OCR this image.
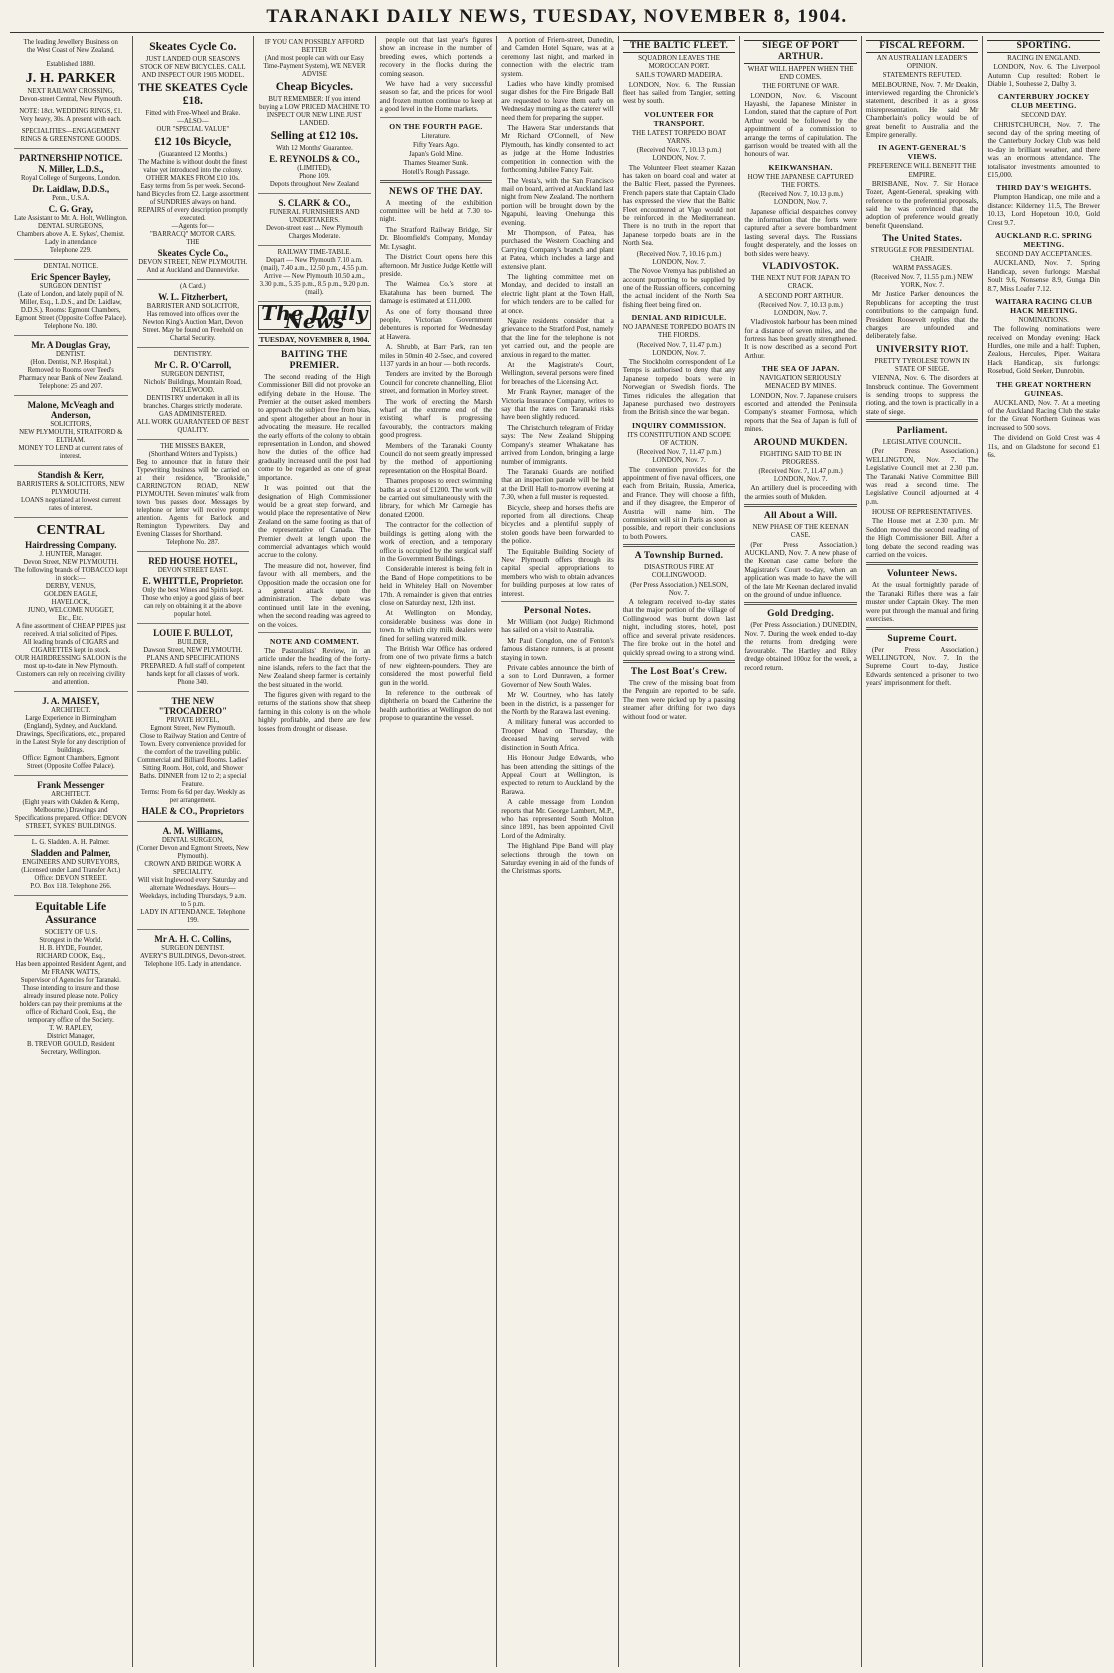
TARANAKI DAILY NEWS, TUESDAY, NOVEMBER 8, 1904.
The leading Jewellery Business on
the West Coast of New Zealand.
Established 1880.
J. H. PARKER
NEXT RAILWAY CROSSING,
Devon-street Central, New Plymouth.
NOTE: 18ct. WEDDING RINGS, £1. Very heavy, 30s. A present with each.
SPECIALITIES—ENGAGEMENT RINGS & GREENSTONE GOODS.
PARTNERSHIP NOTICE.
N. Miller, L.D.S.,
Royal College of Surgeons, London.
Dr. Laidlaw, D.D.S.,
Penn., U.S.A.
C. G. Gray,
Late Assistant to Mr. A. Holt, Wellington.
DENTAL SURGEONS,
Chambers above A. E. Sykes', Chemist.
Lady in attendance
Telephone 229.
DENTAL NOTICE.
Eric Spencer Bayley,
SURGEON DENTIST
(Late of London, and lately pupil of N. Miller, Esq., L.D.S., and Dr. Laidlaw, D.D.S.). Rooms: Egmont Chambers, Egmont Street (Opposite Coffee Palace).
Telephone No. 180.
Mr. A Douglas Gray,
DENTIST.
(Hon. Dentist, N.P. Hospital.)
Removed to Rooms over Teed's Pharmacy near Bank of New Zealand.
Telephone: 25 and 207.
Malone, McVeagh and Anderson,
SOLICITORS,
NEW PLYMOUTH, STRATFORD & ELTHAM.
MONEY TO LEND at current rates of interest.
Standish & Kerr,
BARRISTERS & SOLICITORS, NEW PLYMOUTH.
LOANS negotiated at lowest current rates of interest.
CENTRAL
Hairdressing Company.
J. HUNTER, Manager.
Devon Street, NEW PLYMOUTH.
The following brands of TOBACCO kept in stock:—
DERBY, VENUS,
GOLDEN EAGLE,
HAVELOCK,
JUNO, WELCOME NUGGET,
Etc., Etc.
A fine assortment of CHEAP PIPES just received. A trial solicited of Pipes.
All leading brands of CIGARS and CIGARETTES kept in stock.
OUR HAIRDRESSING SALOON is the most up-to-date in New Plymouth.
Customers can rely on receiving civility and attention.
J. A. MAISEY,
ARCHITECT.
Large Experience in Birmingham (England), Sydney, and Auckland. Drawings, Specifications, etc., prepared in the Latest Style for any description of buildings.
Office: Egmont Chambers, Egmont Street (Opposite Coffee Palace).
Frank Messenger
ARCHITECT.
(Eight years with Oakden & Kemp, Melbourne.) Drawings and Specifications prepared. Office: DEVON STREET, SYKES' BUILDINGS.
L. G. Sladden. A. H. Palmer.
Sladden and Palmer,
ENGINEERS AND SURVEYORS,
(Licensed under Land Transfer Act.) Office: DEVON STREET.
P.O. Box 118. Telephone 266.
Equitable Life Assurance
SOCIETY OF U.S.
Strongest in the World.
H. B. HYDE, Founder,
RICHARD COOK, Esq.,
Has been appointed Resident Agent, and
Mr FRANK WATTS,
Supervisor of Agencies for Taranaki.
Those intending to insure and those already insured please note. Policy holders can pay their premiums at the office of Richard Cook, Esq., the temporary office of the Society.
T. W. RAPLEY,
District Manager,
B. TREVOR GOULD, Resident Secretary, Wellington.
Skeates Cycle Co.
JUST LANDED OUR SEASON'S STOCK OF NEW BICYCLES. CALL AND INSPECT OUR 1905 MODEL.
THE SKEATES Cycle £18.
Fitted with Free-Wheel and Brake.
—ALSO—
OUR "SPECIAL VALUE"
£12 10s Bicycle,
(Guaranteed 12 Months.)
The Machine is without doubt the finest value yet introduced into the colony.
OTHER MAKES FROM £10 10s.
Easy terms from 5s per week. Second-hand Bicycles from £2. Large assortment of SUNDRIES always on hand. REPAIRS of every description promptly executed.
—Agents for—
"BARRACQ" MOTOR CARS.
THE
Skeates Cycle Co.,
DEVON STREET, NEW PLYMOUTH. And at Auckland and Dannevirke.
(A Card.)
W. L. Fitzherbert,
BARRISTER AND SOLICITOR,
Has removed into offices over the Newton King's Auction Mart, Devon Street. May be found on Freehold on Chartal Security.
DENTISTRY.
Mr C. R. O'Carroll,
SURGEON DENTIST,
Nichols' Buildings, Mountain Road, INGLEWOOD.
DENTISTRY undertaken in all its branches. Charges strictly moderate.
GAS ADMINISTERED.
ALL WORK GUARANTEED OF BEST QUALITY.
THE MISSES BAKER,
(Shorthand Writers and Typists.)
Beg to announce that in future their Typewriting business will be carried on at their residence, "Brookside," CARRINGTON ROAD, NEW PLYMOUTH. Seven minutes' walk from town 'bus passes door. Messages by telephone or letter will receive prompt attention. Agents for Barlock and Remington Typewriters. Day and Evening Classes for Shorthand.
Telephone No. 287.
RED HOUSE HOTEL,
DEVON STREET EAST.
E. WHITTLE, Proprietor.
Only the best Wines and Spirits kept. Those who enjoy a good glass of beer can rely on obtaining it at the above popular hotel.
LOUIE F. BULLOT,
BUILDER,
Dawson Street, NEW PLYMOUTH.
PLANS AND SPECIFICATIONS PREPARED. A full staff of competent hands kept for all classes of work.
Phone 340.
THE NEW "TROCADERO"
PRIVATE HOTEL,
Egmont Street, New Plymouth.
Close to Railway Station and Centre of Town. Every convenience provided for the comfort of the travelling public. Commercial and Billiard Rooms. Ladies' Sitting Room. Hot, cold, and Shower Baths. DINNER from 12 to 2; a special Feature.
Terms: From 6s 6d per day. Weekly as per arrangement.
HALE & CO., Proprietors
A. M. Williams,
DENTAL SURGEON,
(Corner Devon and Egmont Streets, New Plymouth).
CROWN AND BRIDGE WORK A SPECIALITY.
Will visit Inglewood every Saturday and alternate Wednesdays. Hours—Weekdays, including Thursdays, 9 a.m. to 5 p.m.
LADY IN ATTENDANCE. Telephone 199.
Mr A. H. C. Collins,
SURGEON DENTIST.
AVERY'S BUILDINGS, Devon-street.
Telephone 105. Lady in attendance.
IF YOU CAN POSSIBLY AFFORD BETTER
(And most people can with our Easy Time-Payment System), WE NEVER ADVISE
Cheap Bicycles.
BUT REMEMBER: If you intend buying a LOW PRICED MACHINE TO INSPECT OUR NEW LINE JUST LANDED.
Selling at £12 10s.
With 12 Months' Guarantee.
E. REYNOLDS & CO.,
(LIMITED),
Phone 109.
Depots throughout New Zealand
S. CLARK & CO.,
FUNERAL FURNISHERS AND UNDERTAKERS.
Devon-street east ... New Plymouth
Charges Moderate.
RAILWAY TIME-TABLE.
Depart — New Plymouth 7.10 a.m. (mail), 7.40 a.m., 12.50 p.m., 4.55 p.m.
Arrive — New Plymouth 10.50 a.m., 3.30 p.m., 5.35 p.m., 8.5 p.m., 9.20 p.m. (mail).
The Daily News
TUESDAY, NOVEMBER 8, 1904.
BAITING THE PREMIER.

The second reading of the High Commissioner Bill did not provoke an edifying debate in the House. The Premier at the outset asked members to approach the subject free from bias, and spent altogether about an hour in advocating the measure. He recalled the early efforts of the colony to obtain representation in London, and showed how the duties of the office had gradually increased until the post had come to be regarded as one of great importance.

It was pointed out that the designation of High Commissioner would be a great step forward, and would place the representative of New Zealand on the same footing as that of the representative of Canada. The Premier dwelt at length upon the commercial advantages which would accrue to the colony.

The measure did not, however, find favour with all members, and the Opposition made the occasion one for a general attack upon the administration. The debate was continued until late in the evening, when the second reading was agreed to on the voices.

NOTE AND COMMENT.

The Pastoralists' Review, in an article under the heading of the forty-nine islands, refers to the fact that the New Zealand sheep farmer is certainly the best situated in the world.

The figures given with regard to the returns of the stations show that sheep farming in this colony is on the whole highly profitable, and there are few losses from drought or disease.

people out that last year's figures show an increase in the number of breeding ewes, which portends a recovery in the flocks during the coming season.

We have had a very successful season so far, and the prices for wool and frozen mutton continue to keep at a good level in the Home markets.

ON THE FOURTH PAGE.
Literature.
Fifty Years Ago.
Japan's Gold Mine.
Thames Steamer Sunk.
Hotell's Rough Passage.
NEWS OF THE DAY.

A meeting of the exhibition committee will be held at 7.30 to-night.

The Stratford Railway Bridge, Sir Dr. Bloomfield's Company, Monday Mr. Lysaght.

The District Court opens here this afternoon. Mr Justice Judge Kettle will preside.

The Waimea Co.'s store at Ekatahuna has been burned. The damage is estimated at £11,000.

As one of forty thousand three people, Victorian Government debentures is reported for Wednesday at Hawera.

A. Shrubb, at Barr Park, ran ten miles in 50min 40 2-5sec, and covered 1137 yards in an hour — both records.

Tenders are invited by the Borough Council for concrete channelling, Eliot street, and formation in Morley street.

The work of erecting the Marsh wharf at the extreme end of the existing wharf is progressing favourably, the contractors making good progress.

Members of the Taranaki County Council do not seem greatly impressed by the method of apportioning representation on the Hospital Board.

Thames proposes to erect swimming baths at a cost of £1200. The work will be carried out simultaneously with the library, for which Mr Carnegie has donated £2000.

The contractor for the collection of buildings is getting along with the work of erection, and a temporary office is occupied by the surgical staff in the Government Buildings.

Considerable interest is being felt in the Band of Hope competitions to be held in Whiteley Hall on November 17th. A remainder is given that entries close on Saturday next, 12th inst.

At Wellington on Monday, considerable business was done in town. In which city milk dealers were fined for selling watered milk.

The British War Office has ordered from one of two private firms a batch of new eighteen-pounders. They are considered the most powerful field gun in the world.

In reference to the outbreak of diphtheria on board the Catherine the health authorities at Wellington do not propose to quarantine the vessel.

A portion of Friern-street, Dunedin, and Camden Hotel Square, was at a ceremony last night, and marked in connection with the electric tram system.

Ladies who have kindly promised sugar dishes for the Fire Brigade Ball are requested to leave them early on Wednesday morning as the caterer will need them for preparing the supper.

The Hawera Star understands that Mr Richard O'Connell, of New Plymouth, has kindly consented to act as judge at the Home Industries competition in connection with the forthcoming Jubilee Fancy Fair.

The Vesta's, with the San Francisco mail on board, arrived at Auckland last night from New Zealand. The northern portion will be brought down by the Ngapuhi, leaving Onehunga this evening.

Mr Thompson, of Patea, has purchased the Western Coaching and Carrying Company's branch and plant at Patea, which includes a large and extensive plant.

The lighting committee met on Monday, and decided to install an electric light plant at the Town Hall, for which tenders are to be called for at once.

Ngaire residents consider that a grievance to the Stratford Post, namely that the line for the telephone is not yet carried out, and the people are anxious in regard to the matter.

At the Magistrate's Court, Wellington, several persons were fined for breaches of the Licensing Act.

Mr Frank Rayner, manager of the Victoria Insurance Company, writes to say that the rates on Taranaki risks have been slightly reduced.

The Christchurch telegram of Friday says: The New Zealand Shipping Company's steamer Whakatane has arrived from London, bringing a large number of immigrants.

The Taranaki Guards are notified that an inspection parade will be held at the Drill Hall to-morrow evening at 7.30, when a full muster is requested.

Bicycle, sheep and horses thefts are reported from all directions. Cheap bicycles and a plentiful supply of stolen goods have been forwarded to the police.

The Equitable Building Society of New Plymouth offers through its capital special appropriations to members who wish to obtain advances for building purposes at low rates of interest.

Personal Notes.

Mr William (not Judge) Richmond has sailed on a visit to Australia.

Mr Paul Congdon, one of Fenton's famous distance runners, is at present staying in town.

Private cables announce the birth of a son to Lord Dunraven, a former Governor of New South Wales.

Mr W. Courtney, who has lately been in the district, is a passenger for the North by the Rarawa last evening.

A military funeral was accorded to Trooper Mead on Thursday, the deceased having served with distinction in South Africa.

His Honour Judge Edwards, who has been attending the sittings of the Appeal Court at Wellington, is expected to return to Auckland by the Rarawa.

A cable message from London reports that Mr. George Lambert, M.P., who has represented South Molton since 1891, has been appointed Civil Lord of the Admiralty.

The Highland Pipe Band will play selections through the town on Saturday evening in aid of the funds of the Christmas sports.

THE BALTIC FLEET.
SQUADRON LEAVES THE MOROCCAN PORT.
SAILS TOWARD MADEIRA.

LONDON, Nov. 6. The Russian fleet has sailed from Tangier, setting west by south.

VOLUNTEER FOR TRANSPORT.
THE LATEST TORPEDO BOAT YARNS.
(Received Nov. 7, 10.13 p.m.) LONDON, Nov. 7.

The Volunteer Fleet steamer Kazan has taken on board coal and water at the Baltic Fleet, passed the Pyrenees. French papers state that Captain Clado has expressed the view that the Baltic Fleet encountered at Vigo would not be reinforced in the Mediterranean. There is no truth in the report that Japanese torpedo boats are in the North Sea.

(Received Nov. 7, 10.16 p.m.) LONDON, Nov. 7.

The Novoe Vremya has published an account purporting to be supplied by one of the Russian officers, concerning the actual incident of the North Sea fishing fleet being fired on.

DENIAL AND RIDICULE.
NO JAPANESE TORPEDO BOATS IN THE FIORDS.
(Received Nov. 7, 11.47 p.m.) LONDON, Nov. 7.

The Stockholm correspondent of Le Temps is authorised to deny that any Japanese torpedo boats were in Norwegian or Swedish fiords. The Times ridicules the allegation that Japanese purchased two destroyers from the British since the war began.

INQUIRY COMMISSION.
ITS CONSTITUTION AND SCOPE OF ACTION.
(Received Nov. 7, 11.47 p.m.) LONDON, Nov. 7.

The convention provides for the appointment of five naval officers, one each from Britain, Russia, America, and France. They will choose a fifth, and if they disagree, the Emperor of Austria will name him. The commission will sit in Paris as soon as possible, and report their conclusions to both Powers.

A Township Burned.
DISASTROUS FIRE AT COLLINGWOOD.
(Per Press Association.) NELSON, Nov. 7.

A telegram received to-day states that the major portion of the village of Collingwood was burnt down last night, including stores, hotel, post office and several private residences. The fire broke out in the hotel and quickly spread owing to a strong wind.

The Lost Boat's Crew.

The crew of the missing boat from the Penguin are reported to be safe. The men were picked up by a passing steamer after drifting for two days without food or water.

SIEGE OF PORT ARTHUR.
WHAT WILL HAPPEN WHEN THE END COMES.
THE FORTUNE OF WAR.

LONDON, Nov. 6. Viscount Hayashi, the Japanese Minister in London, stated that the capture of Port Arthur would be followed by the appointment of a commission to arrange the terms of capitulation. The garrison would be treated with all the honours of war.

KEIKWANSHAN.
HOW THE JAPANESE CAPTURED THE FORTS.
(Received Nov. 7, 10.13 p.m.) LONDON, Nov. 7.

Japanese official despatches convey the information that the forts were captured after a severe bombardment lasting several days. The Russians fought desperately, and the losses on both sides were heavy.

VLADIVOSTOK.
THE NEXT NUT FOR JAPAN TO CRACK.
A SECOND PORT ARTHUR.
(Received Nov. 7, 10.13 p.m.) LONDON, Nov. 7.

Vladivostok harbour has been mined for a distance of seven miles, and the fortress has been greatly strengthened. It is now described as a second Port Arthur.

THE SEA OF JAPAN.
NAVIGATION SERIOUSLY MENACED BY MINES.

LONDON, Nov. 7. Japanese cruisers escorted and attended the Peninsula Company's steamer Formosa, which reports that the Sea of Japan is full of mines.

AROUND MUKDEN.
FIGHTING SAID TO BE IN PROGRESS.
(Received Nov. 7, 11.47 p.m.) LONDON, Nov. 7.

An artillery duel is proceeding with the armies south of Mukden.

All About a Will.
NEW PHASE OF THE KEENAN CASE.

(Per Press Association.) AUCKLAND, Nov. 7. A new phase of the Keenan case came before the Magistrate's Court to-day, when an application was made to have the will of the late Mr Keenan declared invalid on the ground of undue influence.

Gold Dredging.

(Per Press Association.) DUNEDIN, Nov. 7. During the week ended to-day the returns from dredging were favourable. The Hartley and Riley dredge obtained 100oz for the week, a record return.

FISCAL REFORM.
AN AUSTRALIAN LEADER'S OPINION.
STATEMENTS REFUTED.

MELBOURNE, Nov. 7. Mr Deakin, interviewed regarding the Chronicle's statement, described it as a gross misrepresentation. He said Mr Chamberlain's policy would be of great benefit to Australia and the Empire generally.

IN AGENT-GENERAL'S VIEWS.
PREFERENCE WILL BENEFIT THE EMPIRE.

BRISBANE, Nov. 7. Sir Horace Tozer, Agent-General, speaking with reference to the preferential proposals, said he was convinced that the adoption of preference would greatly benefit Queensland.

The United States.
STRUGGLE FOR PRESIDENTIAL CHAIR.
WARM PASSAGES.
(Received Nov. 7, 11.55 p.m.) NEW YORK, Nov. 7.

Mr Justice Parker denounces the Republicans for accepting the trust contributions to the campaign fund. President Roosevelt replies that the charges are unfounded and deliberately false.

UNIVERSITY RIOT.
PRETTY TYROLESE TOWN IN STATE OF SIEGE.

VIENNA, Nov. 6. The disorders at Innsbruck continue. The Government is sending troops to suppress the rioting, and the town is practically in a state of siege.

Parliament.
LEGISLATIVE COUNCIL.

(Per Press Association.) WELLINGTON, Nov. 7. The Legislative Council met at 2.30 p.m. The Taranaki Native Committee Bill was read a second time. The Legislative Council adjourned at 4 p.m.

HOUSE OF REPRESENTATIVES.

The House met at 2.30 p.m. Mr Seddon moved the second reading of the High Commissioner Bill. After a long debate the second reading was carried on the voices.

Volunteer News.

At the usual fortnightly parade of the Taranaki Rifles there was a fair muster under Captain Okey. The men were put through the manual and firing exercises.

Supreme Court.

(Per Press Association.) WELLINGTON, Nov. 7. In the Supreme Court to-day, Justice Edwards sentenced a prisoner to two years' imprisonment for theft.

SPORTING.
RACING IN ENGLAND.

LONDON, Nov. 6. The Liverpool Autumn Cup resulted: Robert le Diable 1, Souhesse 2, Dalby 3.

CANTERBURY JOCKEY CLUB MEETING.
SECOND DAY.

CHRISTCHURCH, Nov. 7. The second day of the spring meeting of the Canterbury Jockey Club was held to-day in brilliant weather, and there was an enormous attendance. The totalisator investments amounted to £15,000.

THIRD DAY'S WEIGHTS.

Plumpton Handicap, one mile and a distance: Kilderney 11.5, The Brewer 10.13, Lord Hopetoun 10.0, Gold Crest 9.7.

AUCKLAND R.C. SPRING MEETING.
SECOND DAY ACCEPTANCES.

AUCKLAND, Nov. 7. Spring Handicap, seven furlongs: Marshal Soult 9.6, Nonsense 8.9, Gunga Din 8.7, Miss Loafer 7.12.

WAITARA RACING CLUB HACK MEETING.
NOMINATIONS.

The following nominations were received on Monday evening: Hack Hurdles, one mile and a half: Tuphen, Zealous, Hercules, Piper. Waitara Hack Handicap, six furlongs: Rosebud, Gold Seeker, Dunrobin.

THE GREAT NORTHERN GUINEAS.

AUCKLAND, Nov. 7. At a meeting of the Auckland Racing Club the stake for the Great Northern Guineas was increased to 500 sovs.

The dividend on Gold Crest was 4 11s, and on Gladstone for second £1 6s.
